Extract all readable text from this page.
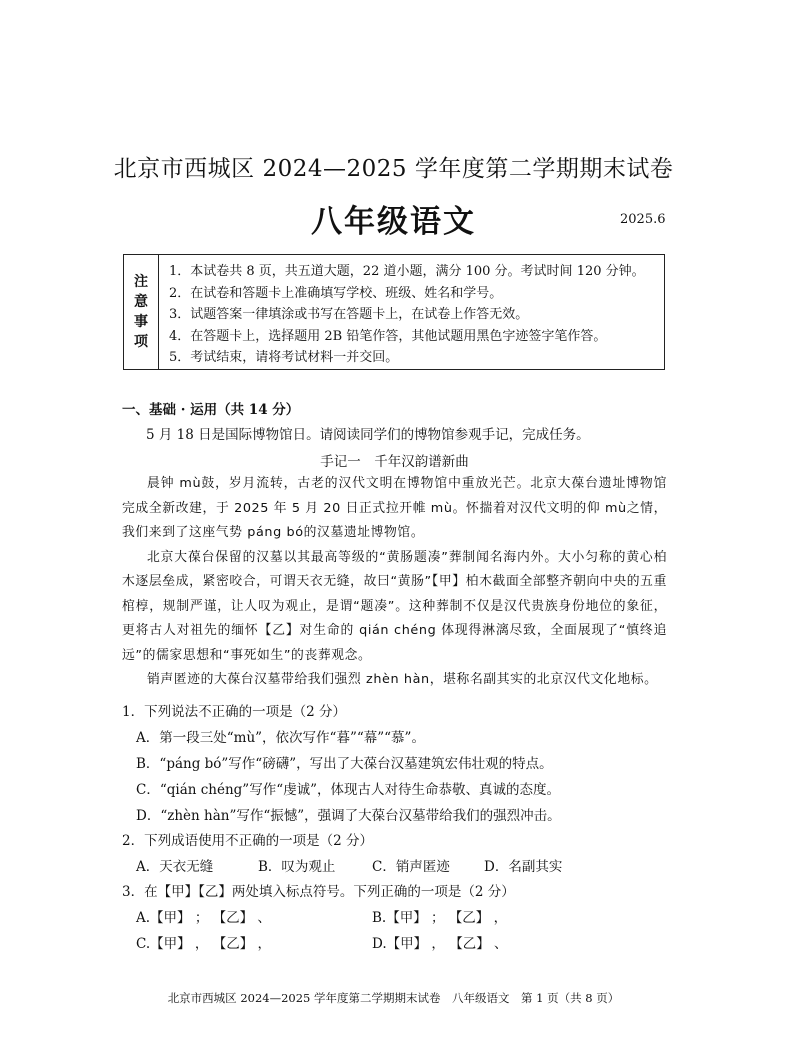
北京市西城区 2024—2025 学年度第二学期期末试卷
八年级语文	2025.6
注
意
事
项
1．本试卷共 8 页，共五道大题，22 道小题，满分 100 分。考试时间 120 分钟。
2．在试卷和答题卡上准确填写学校、班级、姓名和学号。
3．试题答案一律填涂或书写在答题卡上，在试卷上作答无效。
4．在答题卡上，选择题用 2B 铅笔作答，其他试题用黑色字迹签字笔作答。
5．考试结束，请将考试材料一并交回。
一、基础 · 运用（共 14 分）
5 月 18 日是国际博物馆日。请阅读同学们的博物馆参观手记，完成任务。
手记一　千年汉韵谱新曲

晨钟 mù鼓，岁月流转，古老的汉代文明在博物馆中重放光芒。北京大葆台遗址博物馆完成全新改建，于 2025 年 5 月 20 日正式拉开帷 mù。怀揣着对汉代文明的仰 mù之情，我们来到了这座气势 páng bó的汉墓遗址博物馆。

北京大葆台保留的汉墓以其最高等级的“黄肠题凑”葬制闻名海内外。大小匀称的黄心柏木逐层垒成，紧密咬合，可谓天衣无缝，故曰“黄肠”【甲】柏木截面全部整齐朝向中央的五重棺椁，规制严谨，让人叹为观止，是谓“题凑”。这种葬制不仅是汉代贵族身份地位的象征，更将古人对祖先的缅怀【乙】对生命的 qián chéng 体现得淋漓尽致，全面展现了“慎终追远”的儒家思想和“事死如生”的丧葬观念。

销声匿迹的大葆台汉墓带给我们强烈 zhèn hàn，堪称名副其实的北京汉代文化地标。

1．下列说法不正确的一项是（2 分）
A．第一段三处“mù”，依次写作“暮”“幕”“慕”。
B．“páng bó”写作“磅礴”，写出了大葆台汉墓建筑宏伟壮观的特点。
C．“qián chéng”写作“虔诚”，体现古人对待生命恭敬、真诚的态度。
D．“zhèn hàn”写作“振憾”，强调了大葆台汉墓带给我们的强烈冲击。
2．下列成语使用不正确的一项是（2 分）
A．天衣无缝	B．叹为观止	C．销声匿迹	D．名副其实
3．在【甲】【乙】两处填入标点符号。下列正确的一项是（2 分）
A.【甲】 ； 【乙】 、	B.【甲】 ； 【乙】 ，
C.【甲】 ， 【乙】 ，	D.【甲】 ， 【乙】 、
北京市西城区 2024—2025 学年度第二学期期末试卷　八年级语文　第 1 页（共 8 页）
